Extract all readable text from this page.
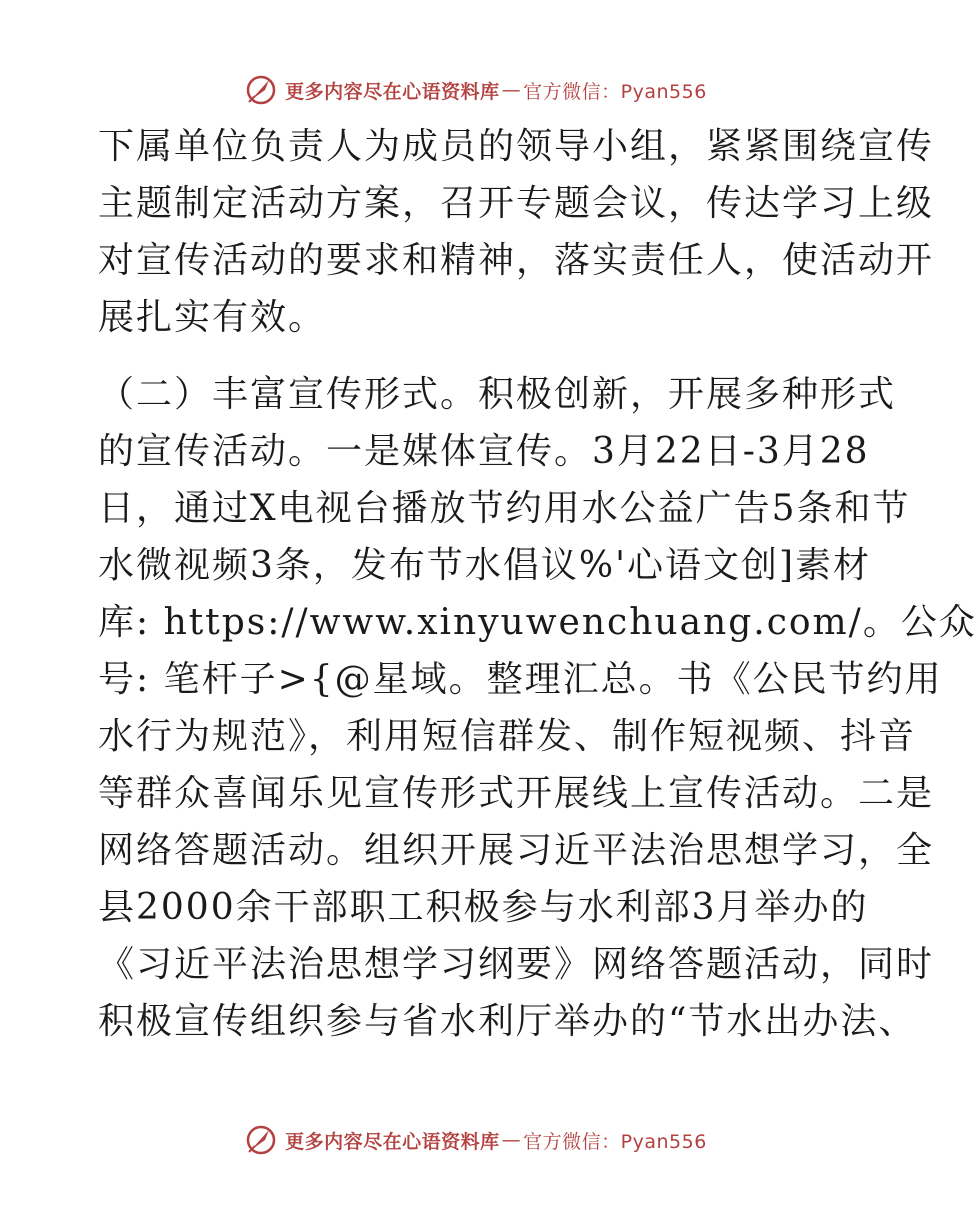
更多内容尽在心语资料库 — 官方微信：Pyan556
下属单位负责人为成员的领导小组，紧紧围绕宣传
主题制定活动方案，召开专题会议，传达学习上级
对宣传活动的要求和精神，落实责任人，使活动开
展扎实有效。
（二）丰富宣传形式。积极创新，开展多种形式
的宣传活动。一是媒体宣传。3月22日-3月28
日，通过X电视台播放节约用水公益广告5条和节
水微视频3条，发布节水倡议%'心语文创]素材
库: https://www.xinyuwenchuang.com/。公众
号: 笔杆子>{@星域。整理汇总。书《公民节约用
水行为规范》，利用短信群发、制作短视频、抖音
等群众喜闻乐见宣传形式开展线上宣传活动。二是
网络答题活动。组织开展习近平法治思想学习，全
县2000余干部职工积极参与水利部3月举办的
《习近平法治思想学习纲要》网络答题活动，同时
积极宣传组织参与省水利厅举办的“节水出办法、
更多内容尽在心语资料库 — 官方微信：Pyan556
